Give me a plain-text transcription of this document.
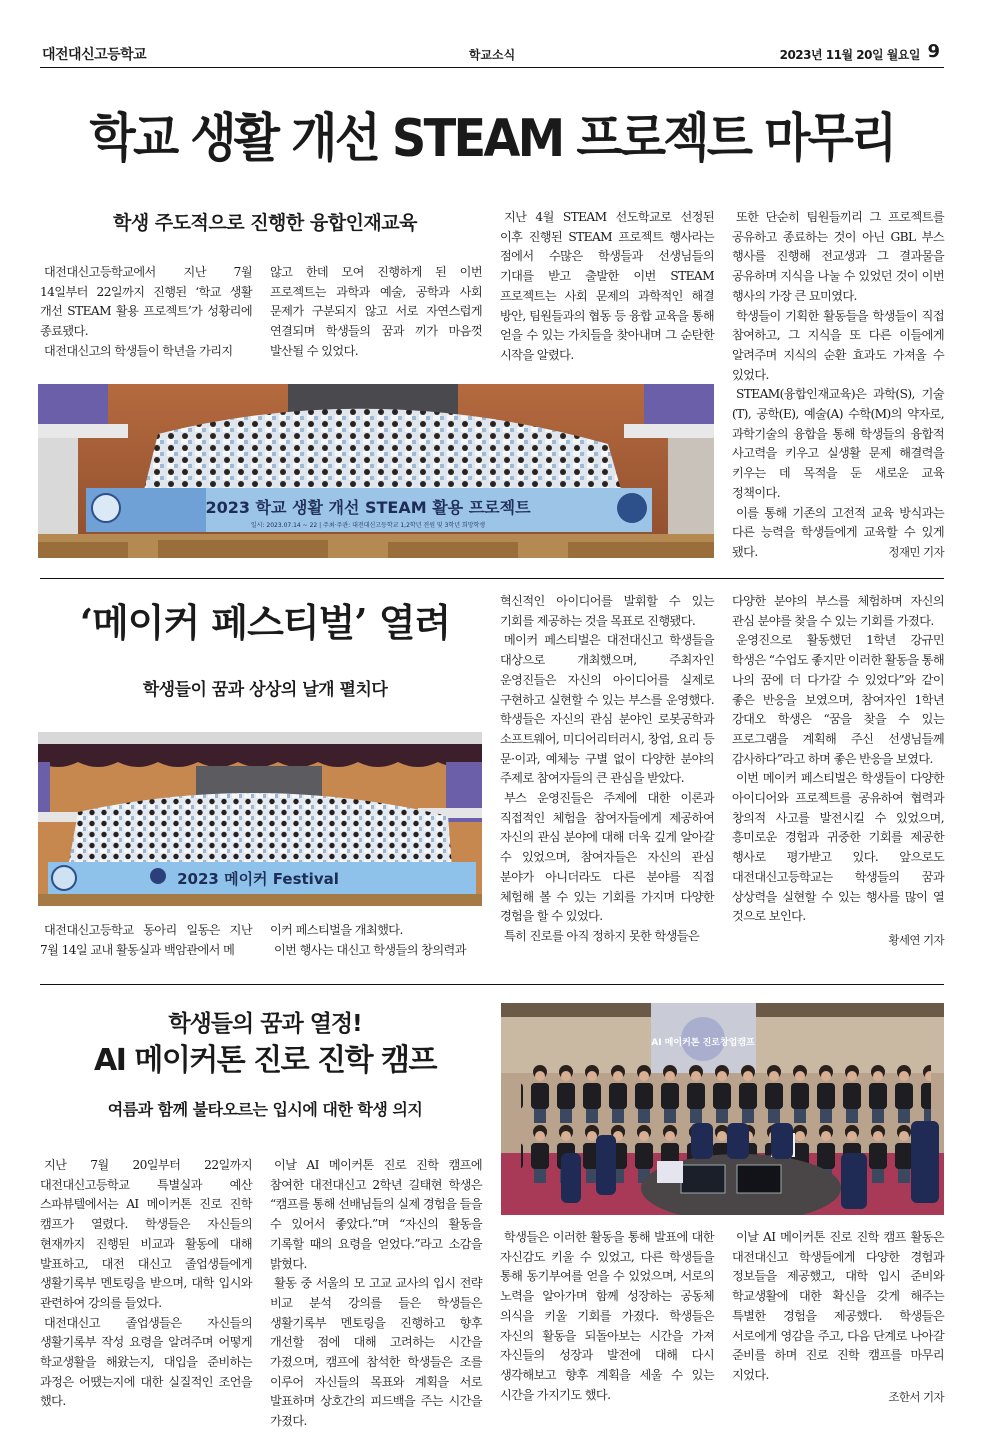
대전대신고등학교	학교소식	2023년 11월 20일 월요일 9
학교 생활 개선 STEAM 프로젝트 마무리
학생 주도적으로 진행한 융합인재교육

대전대신고등학교에서 지난 7월 14일부터 22일까지 진행된 ‘학교 생활 개선 STEAM 활용 프로젝트’가 성황리에 종료됐다.

대전대신고의 학생들이 학년을 가리지

않고 한데 모여 진행하게 된 이번 프로젝트는 과학과 예술, 공학과 사회 문제가 구분되지 않고 서로 자연스럽게 연결되며 학생들의 꿈과 끼가 마음껏 발산될 수 있었다.

지난 4월 STEAM 선도학교로 선정된 이후 진행된 STEAM 프로젝트 행사라는 점에서 수많은 학생들과 선생님들의 기대를 받고 출발한 이번 STEAM 프로젝트는 사회 문제의 과학적인 해결 방안, 팀원들과의 협동 등 융합 교육을 통해 얻을 수 있는 가치들을 찾아내며 그 순탄한 시작을 알렸다.

또한 단순히 팀원들끼리 그 프로젝트를 공유하고 종료하는 것이 아닌 GBL 부스 행사를 진행해 전교생과 그 결과물을 공유하며 지식을 나눌 수 있었던 것이 이번 행사의 가장 큰 묘미였다.

학생들이 기획한 활동들을 학생들이 직접 참여하고, 그 지식을 또 다른 이들에게 알려주며 지식의 순환 효과도 가져올 수 있었다.

STEAM(융합인재교육)은 과학(S), 기술(T), 공학(E), 예술(A) 수학(M)의 약자로, 과학기술의 융합을 통해 학생들의 융합적 사고력을 키우고 실생활 문제 해결력을 키우는 데 목적을 둔 새로운 교육 정책이다.

이를 통해 기존의 고전적 교육 방식과는 다른 능력을 학생들에게 교육할 수 있게 됐다.	정재민 기자
2023 학교 생활 개선 STEAM 활용 프로젝트
일시: 2023.07.14 ~ 22 | 주최·주관: 대전대신고등학교 1,2학년 전원 및 3학년 희망학생
‘메이커 페스티벌’ 열려
학생들이 꿈과 상상의 날개 펼치다
2023 메이커 Festival

대전대신고등학교 동아리 일동은 지난 7월 14일 교내 활동실과 백암관에서 메

이커 페스티벌을 개최했다.

이번 행사는 대신고 학생들의 창의력과

혁신적인 아이디어를 발휘할 수 있는 기회를 제공하는 것을 목표로 진행됐다.

메이커 페스티벌은 대전대신고 학생들을 대상으로 개최했으며, 주최자인 운영진들은 자신의 아이디어를 실제로 구현하고 실현할 수 있는 부스를 운영했다. 학생들은 자신의 관심 분야인 로봇공학과 소프트웨어, 미디어리터러시, 창업, 요리 등 문·이과, 예체능 구별 없이 다양한 분야의 주제로 참여자들의 큰 관심을 받았다.

부스 운영진들은 주제에 대한 이론과 직접적인 체험을 참여자들에게 제공하여 자신의 관심 분야에 대해 더욱 깊게 알아갈 수 있었으며, 참여자들은 자신의 관심 분야가 아니더라도 다른 분야를 직접 체험해 볼 수 있는 기회를 가지며 다양한 경험을 할 수 있었다.

특히 진로를 아직 정하지 못한 학생들은

다양한 분야의 부스를 체험하며 자신의 관심 분야를 찾을 수 있는 기회를 가졌다.

운영진으로 활동했던 1학년 강규민 학생은 “수업도 좋지만 이러한 활동을 통해 나의 꿈에 더 다가갈 수 있었다”와 같이 좋은 반응을 보였으며, 참여자인 1학년 강대오 학생은 “꿈을 찾을 수 있는 프로그램을 계획해 주신 선생님들께 감사하다”라고 하며 좋은 반응을 보였다.

이번 메이커 페스티벌은 학생들이 다양한 아이디어와 프로젝트를 공유하여 협력과 창의적 사고를 발전시킬 수 있었으며, 흥미로운 경험과 귀중한 기회를 제공한 행사로 평가받고 있다. 앞으로도 대전대신고등학교는 학생들의 꿈과 상상력을 실현할 수 있는 행사를 많이 열 것으로 보인다.

황세연 기자
학생들의 꿈과 열정!
AI 메이커톤 진로 진학 캠프
여름과 함께 불타오르는 입시에 대한 학생 의지
AI 메이커톤 진로창업캠프

지난 7월 20일부터 22일까지 대전대신고등학교 특별실과 예산 스파뷰텔에서는 AI 메이커톤 진로 진학 캠프가 열렸다. 학생들은 자신들의 현재까지 진행된 비교과 활동에 대해 발표하고, 대전 대신고 졸업생들에게 생활기록부 멘토링을 받으며, 대학 입시와 관련하여 강의를 들었다.

대전대신고 졸업생들은 자신들의 생활기록부 작성 요령을 알려주며 어떻게 학교생활을 해왔는지, 대입을 준비하는 과정은 어땠는지에 대한 실질적인 조언을 했다.

이날 AI 메이커톤 진로 진학 캠프에 참여한 대전대신고 2학년 길태현 학생은 “캠프를 통해 선배님들의 실제 경험을 들을 수 있어서 좋았다.”며 “자신의 활동을 기록할 때의 요령을 얻었다.”라고 소감을 밝혔다.

활동 중 서울의 모 고교 교사의 입시 전략 비교 분석 강의를 들은 학생들은 생활기록부 멘토링을 진행하고 향후 개선할 점에 대해 고려하는 시간을 가졌으며, 캠프에 참석한 학생들은 조를 이루어 자신들의 목표와 계획을 서로 발표하며 상호간의 피드백을 주는 시간을 가졌다.

학생들은 이러한 활동을 통해 발표에 대한 자신감도 키울 수 있었고, 다른 학생들을 통해 동기부여를 얻을 수 있었으며, 서로의 노력을 알아가며 함께 성장하는 공동체 의식을 키울 기회를 가졌다. 학생들은 자신의 활동을 되돌아보는 시간을 가져 자신들의 성장과 발전에 대해 다시 생각해보고 향후 계획을 세울 수 있는 시간을 가지기도 했다.

이날 AI 메이커톤 진로 진학 캠프 활동은 대전대신고 학생들에게 다양한 경험과 정보들을 제공했고, 대학 입시 준비와 학교생활에 대한 확신을 갖게 해주는 특별한 경험을 제공했다. 학생들은 서로에게 영감을 주고, 다음 단계로 나아갈 준비를 하며 진로 진학 캠프를 마무리 지었다.

조한서 기자
